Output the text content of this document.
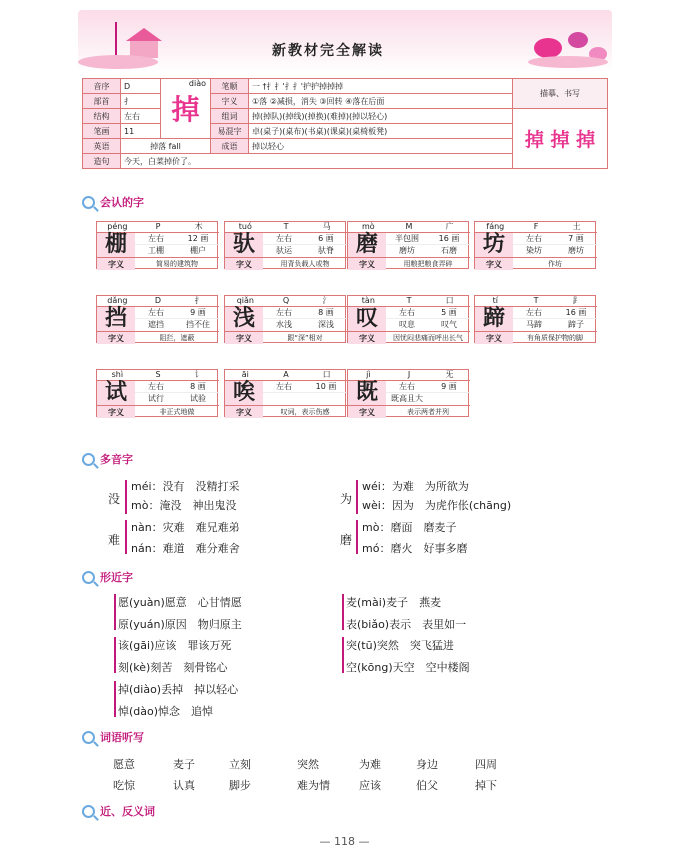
新教材完全解读
音序	D	diào
掉	笔顺	一 †扌扌'扌扌'护护掉掉掉	描摹、书写
部首	扌		字义	①落 ②减损，消失 ③回转 ④落在后面	
结构	左右		组词	掉(掉队)(掉线)(掉换)(难掉)(掉以轻心)	掉 掉 掉
笔画	11		易混字	卓(桌子)(桌布)(书桌)(课桌)(桌椅板凳)	
英语	掉落 fall		成语	掉以轻心	
造句	今天，白菜掉价了。				
会认的字
péng	P	木
棚	左右	12 画
工棚	棚户
字义	简易的建筑物
tuó	T	马
驮	左右	6 画
驮运	驮脊
字义	用背负载人或物
mò	M	广
磨	半包围	16 画
磨坊	石磨
字义	用粮把粮食弄碎
fáng	F	土
坊	左右	7 画
染坊	磨坊
字义	作坊
dǎng	D	扌
挡	左右	9 画
遮挡	挡不住
字义	阻拦，遮蔽
qiǎn	Q	氵
浅	左右	8 画
水浅	深浅
字义	跟“深”相对
tàn	T	口
叹	左右	5 画
叹息	叹气
字义	因忧闷悲痛而呼出长气
tí	T	⻊
蹄	左右	16 画
马蹄	蹄子
字义	有角质保护物的脚
shì	S	讠
试	左右	8 画
试行	试验
字义	非正式地做
āi	A	口
唉	左右	10 画
字义	叹词，表示伤感
jì	J	旡
既	左右	9 画
既高且大
字义	表示两者并列
多音字
没
méi：没有　没精打采
mò：淹没　神出鬼没
难
nàn：灾难　难兄难弟
nán：难道　难分难舍
为
wéi：为难　为所欲为
wèi：因为　为虎作伥(chāng)
磨
mò：磨面　磨麦子
mó：磨火　好事多磨
形近字
愿(yuàn)愿意　心甘情愿
原(yuán)原因　物归原主
该(gāi)应该　罪该万死
刻(kè)刻苦　刻骨铭心
掉(diào)丢掉　掉以轻心
悼(dào)悼念　追悼
麦(mài)麦子　燕麦
表(biǎo)表示　表里如一
突(tū)突然　突飞猛进
空(kōng)天空　空中楼阁
词语听写
愿意	麦子	立刻	突然	为难	身边	四周
吃惊	认真	脚步	难为情	应该	伯父	掉下
近、反义词
— 118 —
